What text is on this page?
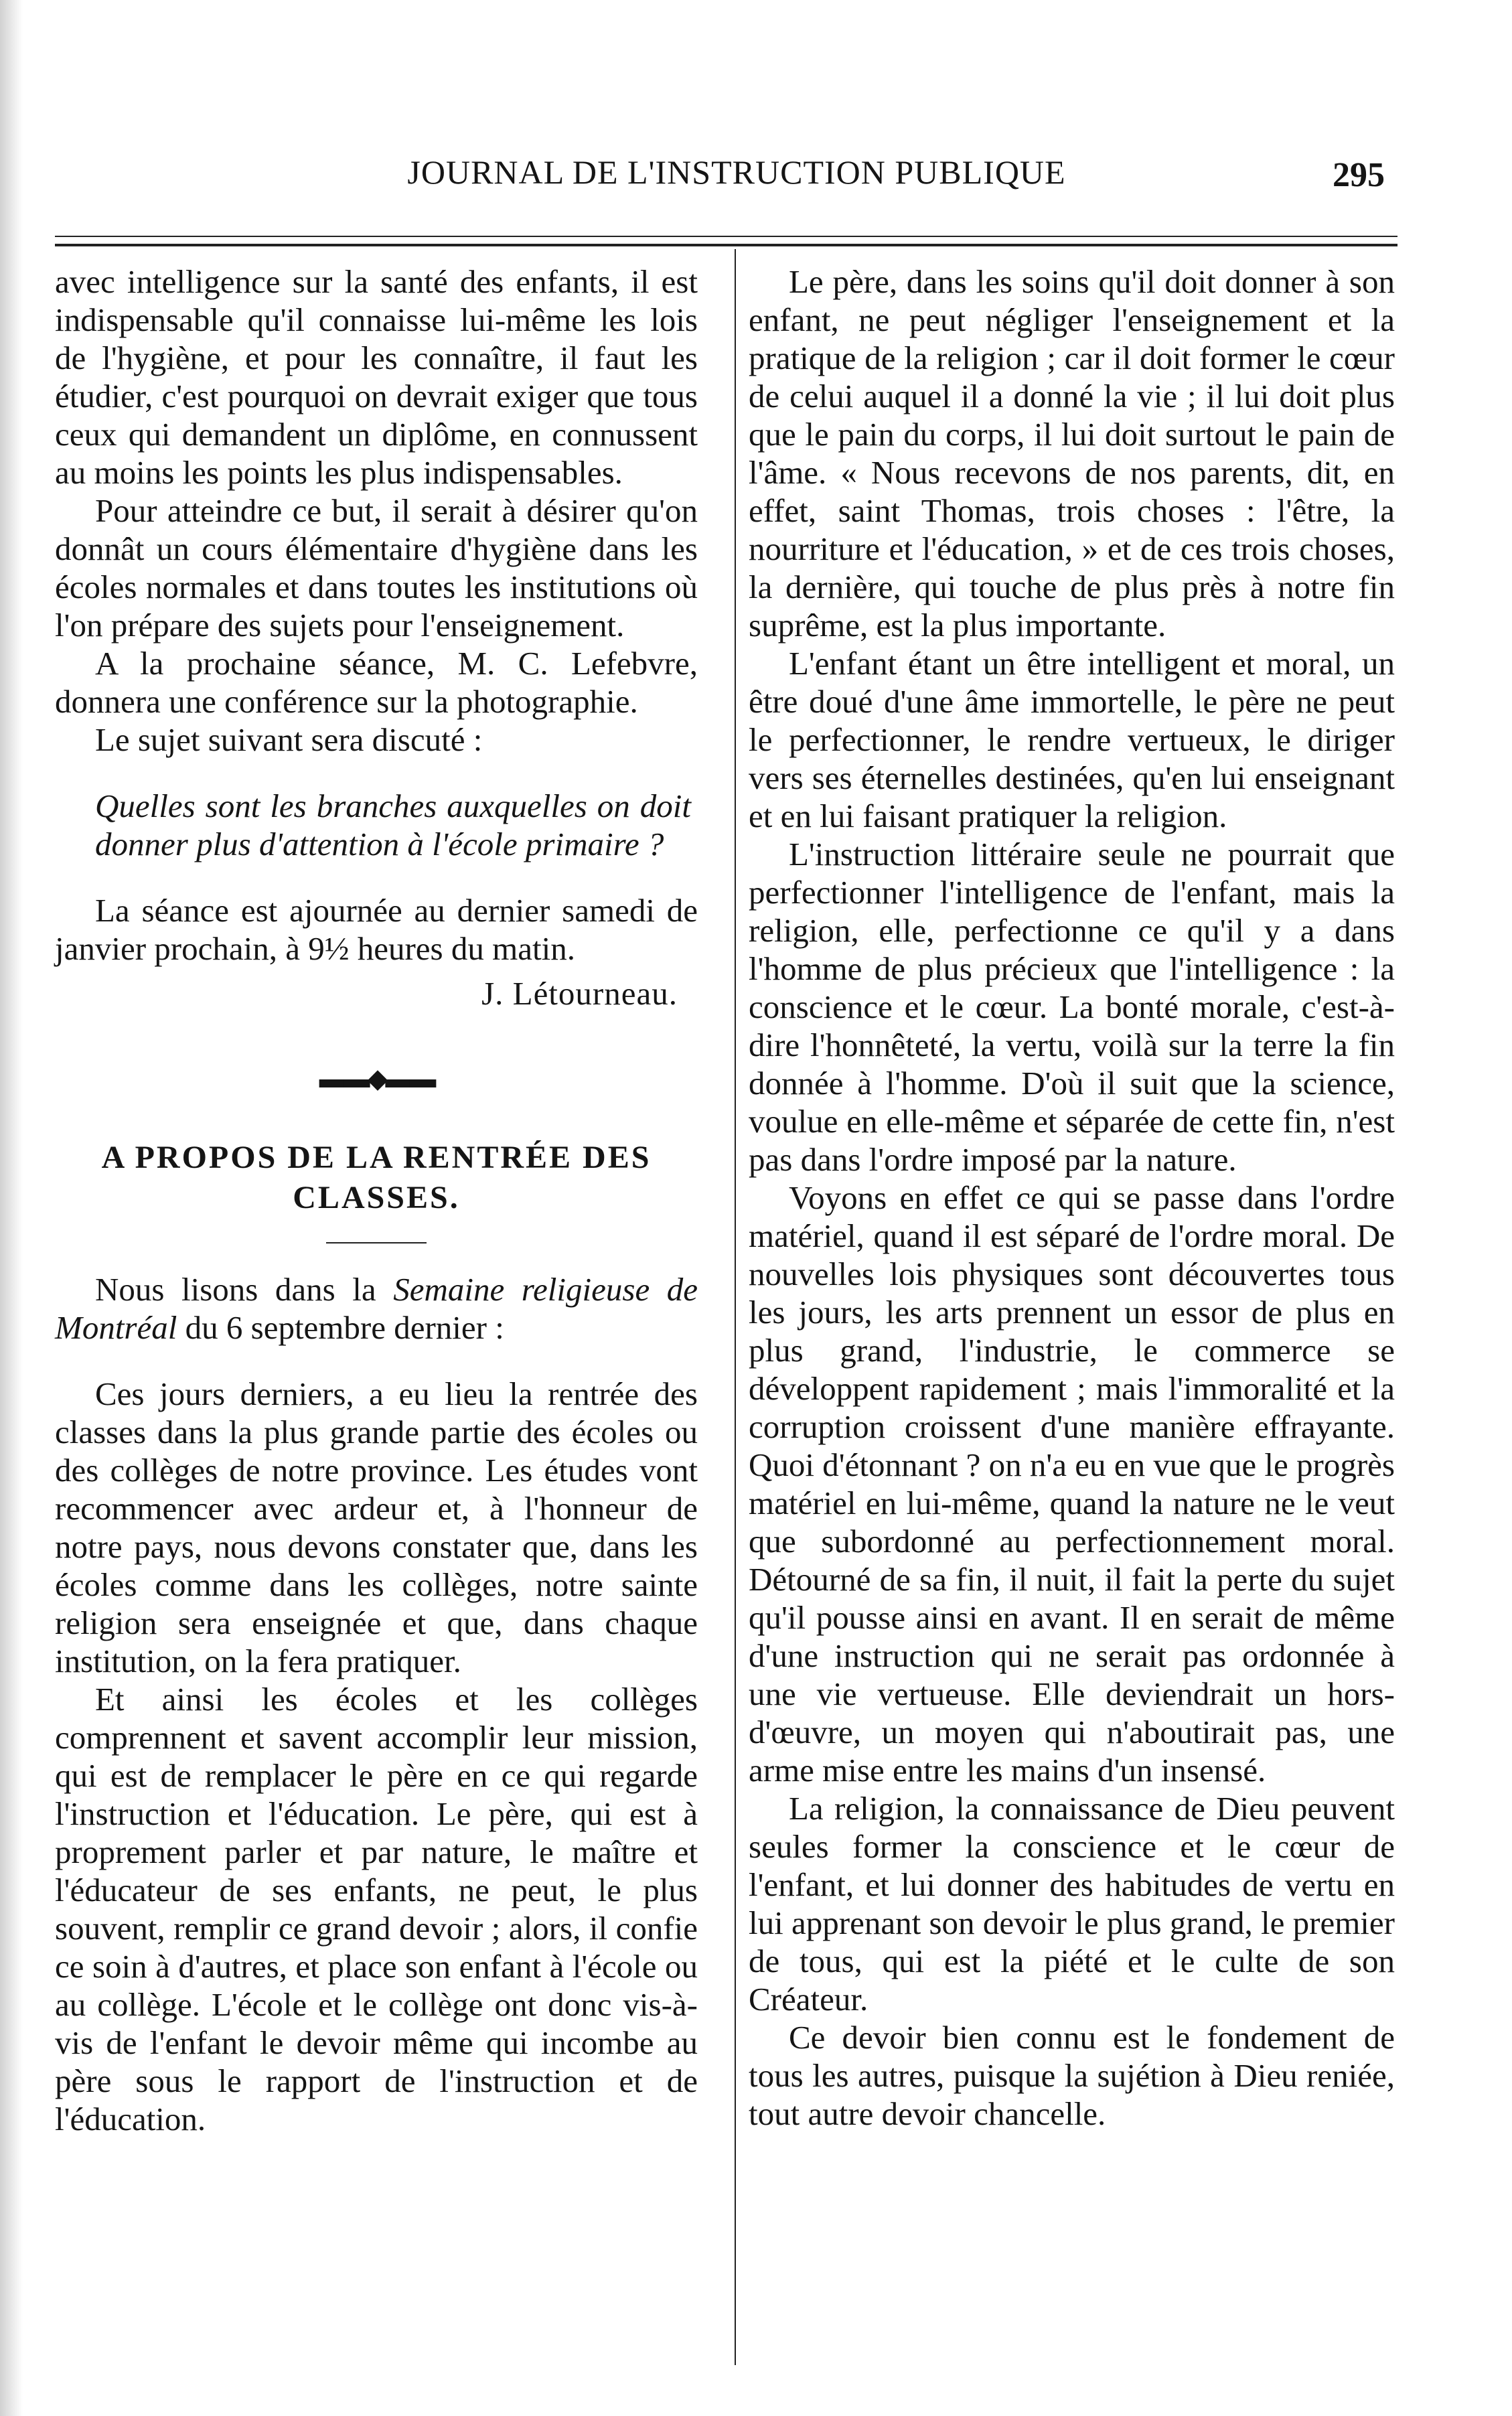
JOURNAL DE L'INSTRUCTION PUBLIQUE	295

avec intelligence sur la santé des enfants, il est indispensable qu'il connaisse lui-même les lois de l'hygiène, et pour les connaître, il faut les étudier, c'est pourquoi on devrait exiger que tous ceux qui demandent un diplôme, en connussent au moins les points les plus indispensables.

Pour atteindre ce but, il serait à désirer qu'on donnât un cours élémentaire d'hygiène dans les écoles normales et dans toutes les institutions où l'on prépare des sujets pour l'enseignement.

A la prochaine séance, M. C. Lefebvre, donnera une conférence sur la photographie.

Le sujet suivant sera discuté :

Quelles sont les branches auxquelles on doit donner plus d'attention à l'école primaire ?

La séance est ajournée au dernier samedi de janvier prochain, à 9½ heures du matin.

J. Létourneau.

▬▬◆▬▬
A PROPOS DE LA RENTRÉE DES CLASSES.

Nous lisons dans la Semaine religieuse de Montréal du 6 septembre dernier :

Ces jours derniers, a eu lieu la rentrée des classes dans la plus grande partie des écoles ou des collèges de notre province. Les études vont recommencer avec ardeur et, à l'honneur de notre pays, nous devons constater que, dans les écoles comme dans les collèges, notre sainte religion sera enseignée et que, dans chaque institution, on la fera pratiquer.

Et ainsi les écoles et les collèges comprennent et savent accomplir leur mission, qui est de remplacer le père en ce qui regarde l'instruction et l'éducation. Le père, qui est à proprement parler et par nature, le maître et l'éducateur de ses enfants, ne peut, le plus souvent, remplir ce grand devoir ; alors, il confie ce soin à d'autres, et place son enfant à l'école ou au collège. L'école et le collège ont donc vis-à-vis de l'enfant le devoir même qui incombe au père sous le rapport de l'instruction et de l'éducation.

Le père, dans les soins qu'il doit donner à son enfant, ne peut négliger l'enseignement et la pratique de la religion ; car il doit former le cœur de celui auquel il a donné la vie ; il lui doit plus que le pain du corps, il lui doit surtout le pain de l'âme. « Nous recevons de nos parents, dit, en effet, saint Thomas, trois choses : l'être, la nourriture et l'éducation, » et de ces trois choses, la dernière, qui touche de plus près à notre fin suprême, est la plus importante.

L'enfant étant un être intelligent et moral, un être doué d'une âme immortelle, le père ne peut le perfectionner, le rendre vertueux, le diriger vers ses éternelles destinées, qu'en lui enseignant et en lui faisant pratiquer la religion.

L'instruction littéraire seule ne pourrait que perfectionner l'intelligence de l'enfant, mais la religion, elle, perfectionne ce qu'il y a dans l'homme de plus précieux que l'intelligence : la conscience et le cœur. La bonté morale, c'est-à-dire l'honnêteté, la vertu, voilà sur la terre la fin donnée à l'homme. D'où il suit que la science, voulue en elle-même et séparée de cette fin, n'est pas dans l'ordre imposé par la nature.

Voyons en effet ce qui se passe dans l'ordre matériel, quand il est séparé de l'ordre moral. De nouvelles lois physiques sont découvertes tous les jours, les arts prennent un essor de plus en plus grand, l'industrie, le commerce se développent rapidement ; mais l'immoralité et la corruption croissent d'une manière effrayante. Quoi d'étonnant ? on n'a eu en vue que le progrès matériel en lui-même, quand la nature ne le veut que subordonné au perfectionnement moral. Détourné de sa fin, il nuit, il fait la perte du sujet qu'il pousse ainsi en avant. Il en serait de même d'une instruction qui ne serait pas ordonnée à une vie vertueuse. Elle deviendrait un hors-d'œuvre, un moyen qui n'aboutirait pas, une arme mise entre les mains d'un insensé.

La religion, la connaissance de Dieu peuvent seules former la conscience et le cœur de l'enfant, et lui donner des habitudes de vertu en lui apprenant son devoir le plus grand, le premier de tous, qui est la piété et le culte de son Créateur.

Ce devoir bien connu est le fondement de tous les autres, puisque la sujétion à Dieu reniée, tout autre devoir chancelle.
